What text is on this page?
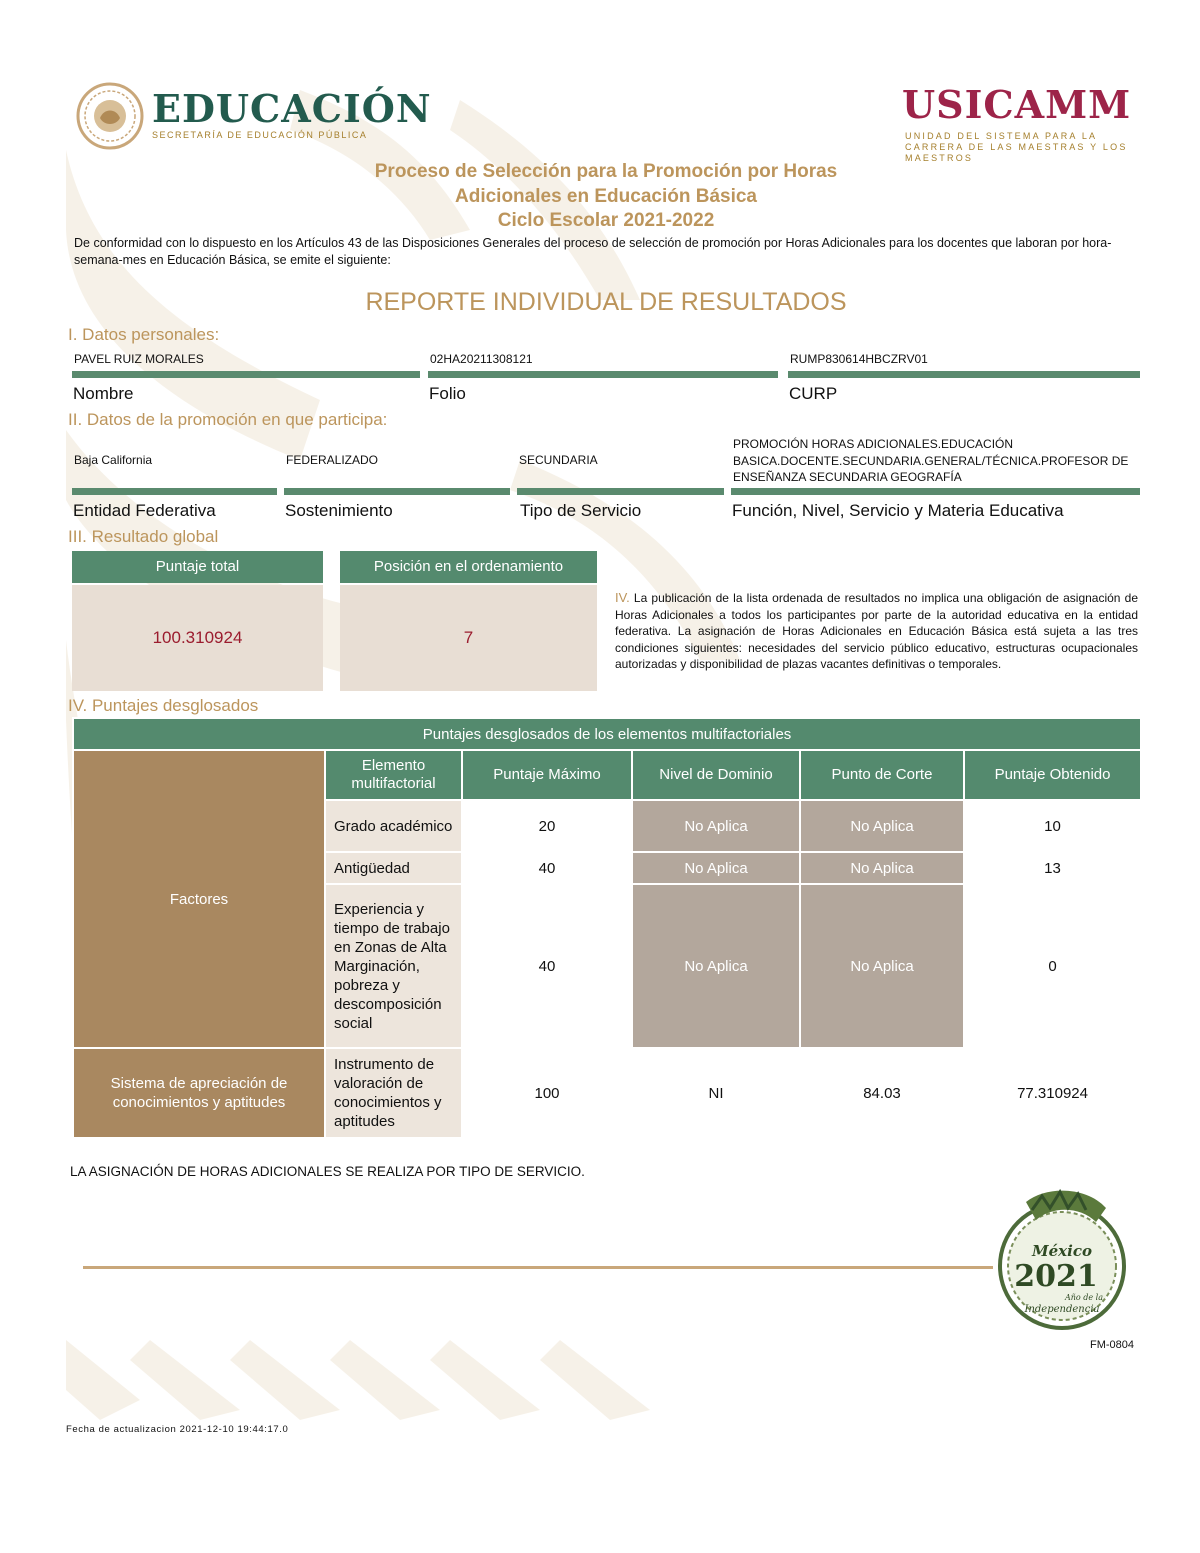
EDUCACIÓN
SECRETARÍA DE EDUCACIÓN PÚBLICA
USICAMM
UNIDAD DEL SISTEMA PARA LA CARRERA DE LAS MAESTRAS Y LOS MAESTROS
Proceso de Selección para la Promoción por Horas
Adicionales en Educación Básica
Ciclo Escolar 2021-2022
De conformidad con lo dispuesto en los Artículos 43 de las Disposiciones Generales del proceso de selección de promoción por Horas Adicionales para los docentes que laboran por hora-semana-mes en Educación Básica, se emite el siguiente:
REPORTE INDIVIDUAL DE RESULTADOS
I. Datos personales:
PAVEL RUIZ MORALES
Nombre
02HA20211308121
Folio
RUMP830614HBCZRV01
CURP
II. Datos de la promoción en que participa:
Baja California
Entidad Federativa
FEDERALIZADO
Sostenimiento
SECUNDARIA
Tipo de Servicio
PROMOCIÓN HORAS ADICIONALES.EDUCACIÓN BASICA.DOCENTE.SECUNDARIA.GENERAL/TÉCNICA.PROFESOR DE ENSEÑANZA SECUNDARIA GEOGRAFÍA
Función, Nivel, Servicio y Materia Educativa
III. Resultado global
Puntaje total
100.310924
Posición en el ordenamiento
7
IV. La publicación de la lista ordenada de resultados no implica una obligación de asignación de Horas Adicionales a todos los participantes por parte de la autoridad educativa en la entidad federativa. La asignación de Horas Adicionales en Educación Básica está sujeta a las tres condiciones siguientes: necesidades del servicio público educativo, estructuras ocupacionales autorizadas y disponibilidad de plazas vacantes definitivas o temporales.
IV. Puntajes desglosados
Puntajes desglosados de los elementos multifactoriales					
Factores	Elemento multifactorial	Puntaje Máximo	Nivel de Dominio	Punto de Corte	Puntaje Obtenido
	Grado académico	20	No Aplica	No Aplica	10
	Antigüedad	40	No Aplica	No Aplica	13
	Experiencia y tiempo de trabajo en Zonas de Alta Marginación, pobreza y descomposición social	40	No Aplica	No Aplica	0
Sistema de apreciación de conocimientos y aptitudes	Instrumento de valoración de conocimientos y aptitudes	100	NI	84.03	77.310924
LA ASIGNACIÓN DE HORAS ADICIONALES SE REALIZA POR TIPO DE SERVICIO.
México
2021
Año de la
Independencia
FM-0804
Fecha de actualizacion 2021-12-10 19:44:17.0
